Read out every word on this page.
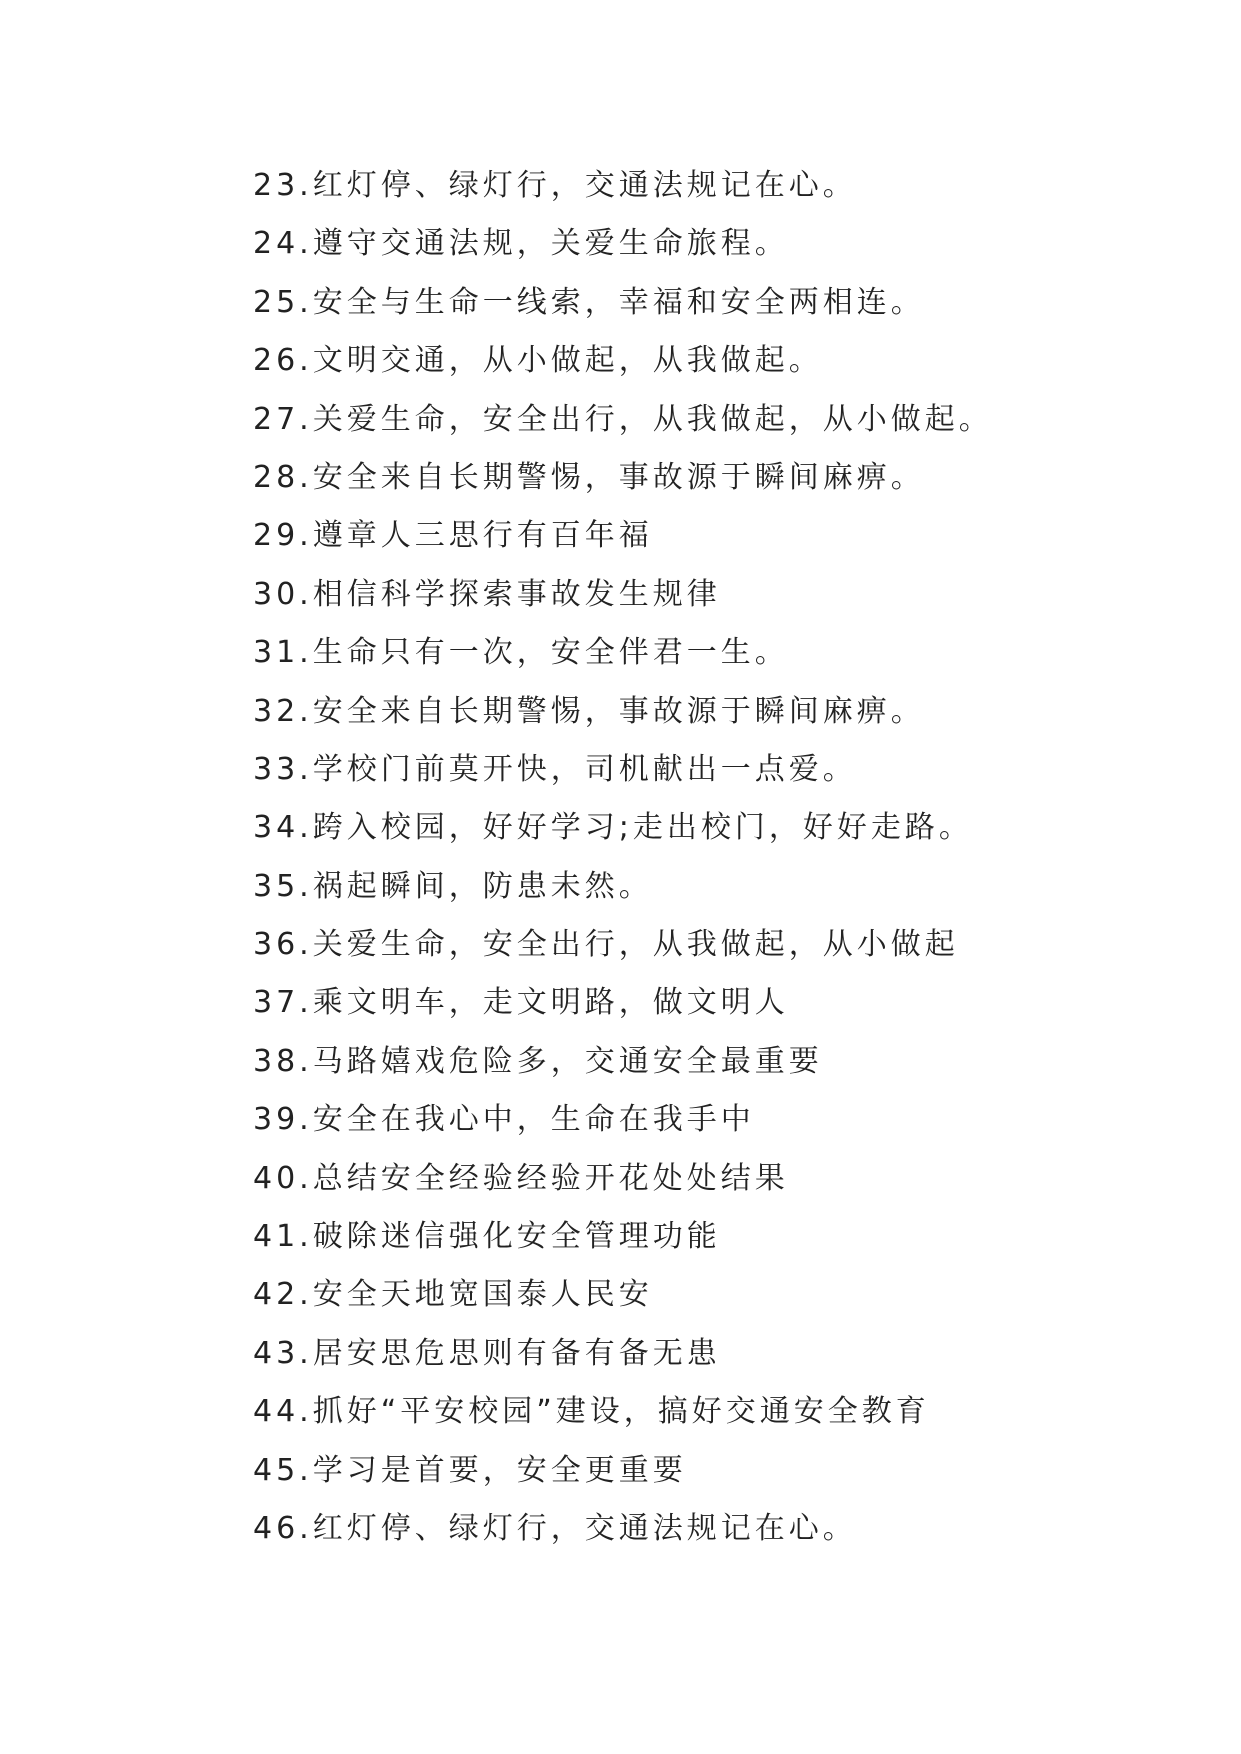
23.红灯停、绿灯行，交通法规记在心。
24.遵守交通法规，关爱生命旅程。
25.安全与生命一线索，幸福和安全两相连。
26.文明交通，从小做起，从我做起。
27.关爱生命，安全出行，从我做起，从小做起。
28.安全来自长期警惕，事故源于瞬间麻痹。
29.遵章人三思行有百年福
30.相信科学探索事故发生规律
31.生命只有一次，安全伴君一生。
32.安全来自长期警惕，事故源于瞬间麻痹。
33.学校门前莫开快，司机献出一点爱。
34.跨入校园，好好学习;走出校门，好好走路。
35.祸起瞬间，防患未然。
36.关爱生命，安全出行，从我做起，从小做起
37.乘文明车，走文明路，做文明人
38.马路嬉戏危险多，交通安全最重要
39.安全在我心中，生命在我手中
40.总结安全经验经验开花处处结果
41.破除迷信强化安全管理功能
42.安全天地宽国泰人民安
43.居安思危思则有备有备无患
44.抓好“平安校园”建设，搞好交通安全教育
45.学习是首要，安全更重要
46.红灯停、绿灯行，交通法规记在心。
